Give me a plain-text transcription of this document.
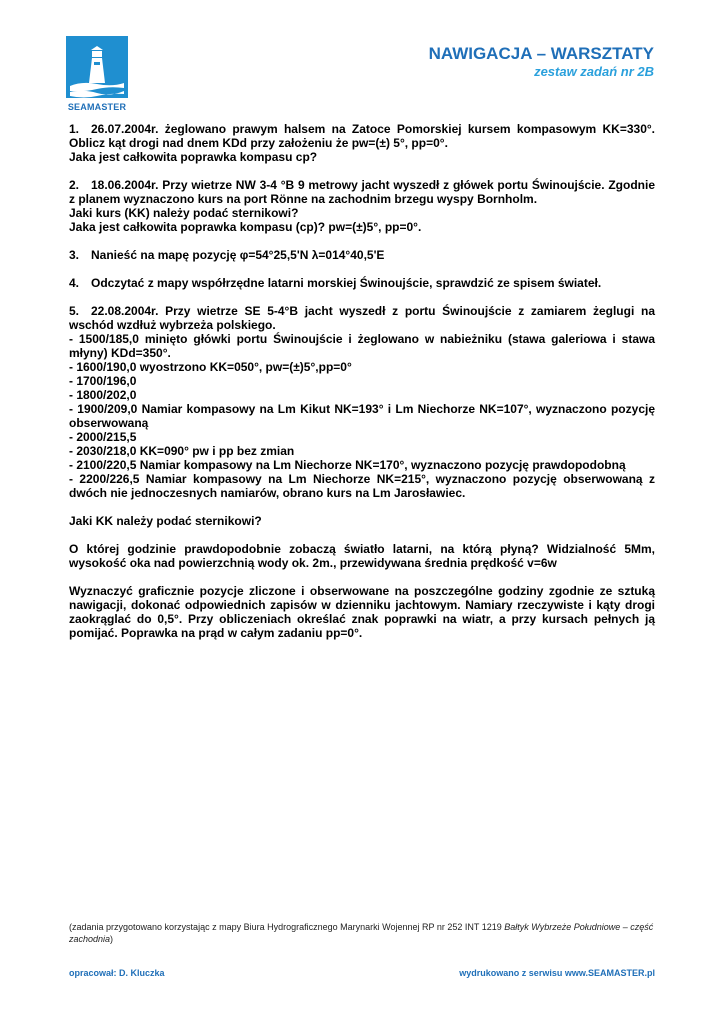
SEAMASTER
NAWIGACJA – WARSZTATY
zestaw zadań nr 2B

1. 26.07.2004r. żeglowano prawym halsem na Zatoce Pomorskiej kursem kompasowym KK=330°. Oblicz kąt drogi nad dnem KDd przy założeniu że pw=(±) 5°, pp=0°.

Jaka jest całkowita poprawka kompasu cp?

2. 18.06.2004r. Przy wietrze NW 3-4 °B 9 metrowy jacht wyszedł z główek portu Świnoujście. Zgodnie z planem wyznaczono kurs na port Rönne na zachodnim brzegu wyspy Bornholm.

Jaki kurs (KK) należy podać sternikowi?

Jaka jest całkowita poprawka kompasu (cp)? pw=(±)5°, pp=0°.

3. Nanieść na mapę pozycję φ=54°25,5'N λ=014°40,5'E

4. Odczytać z mapy współrzędne latarni morskiej Świnoujście, sprawdzić ze spisem świateł.

5. 22.08.2004r. Przy wietrze SE 5-4°B jacht wyszedł z portu Świnoujście z zamiarem żeglugi na wschód wzdłuż wybrzeża polskiego.

- 1500/185,0 minięto główki portu Świnoujście i żeglowano w nabieżniku (stawa galeriowa i stawa młyny) KDd=350°.

- 1600/190,0 wyostrzono KK=050°, pw=(±)5°,pp=0°

- 1700/196,0

- 1800/202,0

- 1900/209,0 Namiar kompasowy na Lm Kikut NK=193° i Lm Niechorze NK=107°, wyznaczono pozycję obserwowaną

- 2000/215,5

- 2030/218,0 KK=090° pw i pp bez zmian

- 2100/220,5 Namiar kompasowy na Lm Niechorze NK=170°, wyznaczono pozycję prawdopodobną

- 2200/226,5 Namiar kompasowy na Lm Niechorze NK=215°, wyznaczono pozycję obserwowaną z dwóch nie jednoczesnych namiarów, obrano kurs na Lm Jarosławiec.

Jaki KK należy podać sternikowi?

O której godzinie prawdopodobnie zobaczą światło latarni, na którą płyną? Widzialność 5Mm, wysokość oka nad powierzchnią wody ok. 2m., przewidywana średnia prędkość v=6w

Wyznaczyć graficznie pozycje zliczone i obserwowane na poszczególne godziny zgodnie ze sztuką nawigacji, dokonać odpowiednich zapisów w dzienniku jachtowym. Namiary rzeczywiste i kąty drogi zaokrąglać do 0,5°. Przy obliczeniach określać znak poprawki na wiatr, a przy kursach pełnych ją pomijać. Poprawka na prąd w całym zadaniu pp=0°.

(zadania przygotowano korzystając z mapy Biura Hydrograficznego Marynarki Wojennej RP nr 252 INT 1219 Bałtyk Wybrzeże Południowe – część zachodnia)
opracował: D. Kluczka	wydrukowano z serwisu www.SEAMASTER.pl
